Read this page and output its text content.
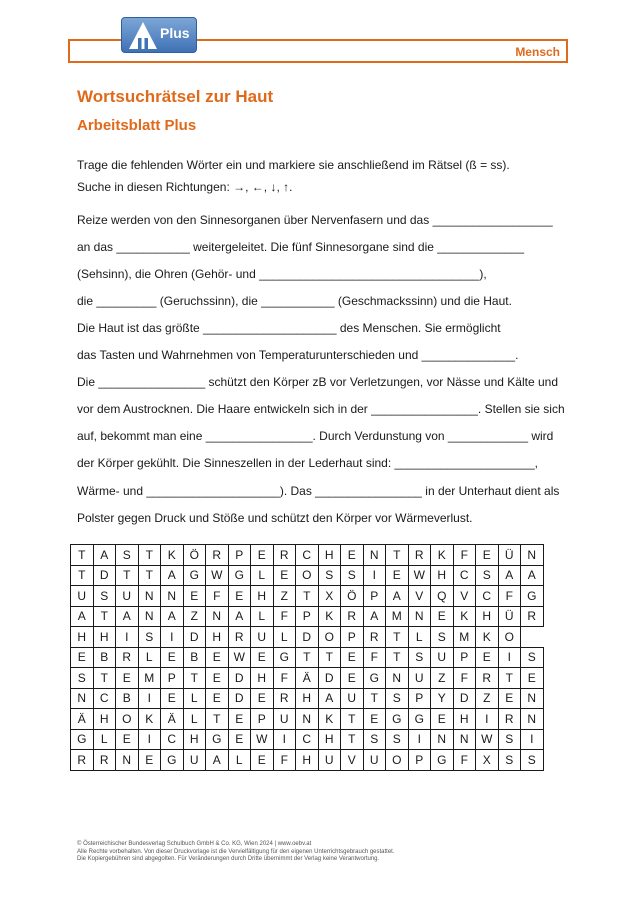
Mensch
Plus
Wortsuchrätsel zur Haut
Arbeitsblatt Plus
Trage die fehlenden Wörter ein und markiere sie anschließend im Rätsel (ß = ss).
Suche in diesen Richtungen: →, ←, ↓, ↑.
Reize werden von den Sinnesorganen über Nervenfasern und das __________________
an das ___________ weitergeleitet. Die fünf Sinnesorgane sind die _____________
(Sehsinn), die Ohren (Gehör- und _________________________________),
die _________ (Geruchssinn), die ___________ (Geschmackssinn) und die Haut.
Die Haut ist das größte ____________________ des Menschen. Sie ermöglicht
das Tasten und Wahrnehmen von Temperaturunterschieden und ______________.
Die ________________ schützt den Körper zB vor Verletzungen, vor Nässe und Kälte und
vor dem Austrocknen. Die Haare entwickeln sich in der ________________. Stellen sie sich
auf, bekommt man eine ________________. Durch Verdunstung von ____________ wird
der Körper gekühlt. Die Sinneszellen in der Lederhaut sind: _____________________,
Wärme- und ____________________). Das ________________ in der Unterhaut dient als
Polster gegen Druck und Stöße und schützt den Körper vor Wärmeverlust.
T	A	S	T	K	Ö	R	P	E	R	C	H	E	N	T	R	K	F	E	Ü	N
T	D	T	T	A	G	W	G	L	E	O	S	S	I	E	W	H	C	S	A	A
U	S	U	N	N	E	F	E	H	Z	T	X	Ö	P	A	V	Q	V	C	F	G
A	T	A	N	A	Z	N	A	L	F	P	K	R	A	M	N	E	K	H	Ü	R
H	H	I	S	I	D	H	R	U	L	D	O	P	R	T	L	S	M	K	O	
E	B	R	L	E	B	E	W	E	G	T	T	E	F	T	S	U	P	E	I	S
S	T	E	M	P	T	E	D	H	F	Ä	D	E	G	N	U	Z	F	R	T	E
N	C	B	I	E	L	E	D	E	R	H	A	U	T	S	P	Y	D	Z	E	N
Ä	H	O	K	Ä	L	T	E	P	U	N	K	T	E	G	G	E	H	I	R	N
G	L	E	I	C	H	G	E	W	I	C	H	T	S	S	I	N	N	W	S	I
R	R	N	E	G	U	A	L	E	F	H	U	V	U	O	P	G	F	X	S	S
© Österreichischer Bundesverlag Schulbuch GmbH & Co. KG, Wien 2024 | www.oebv.at
Alle Rechte vorbehalten. Von dieser Druckvorlage ist die Vervielfältigung für den eigenen Unterrichtsgebrauch gestattet.
Die Kopiergebühren sind abgegolten. Für Veränderungen durch Dritte übernimmt der Verlag keine Verantwortung.
